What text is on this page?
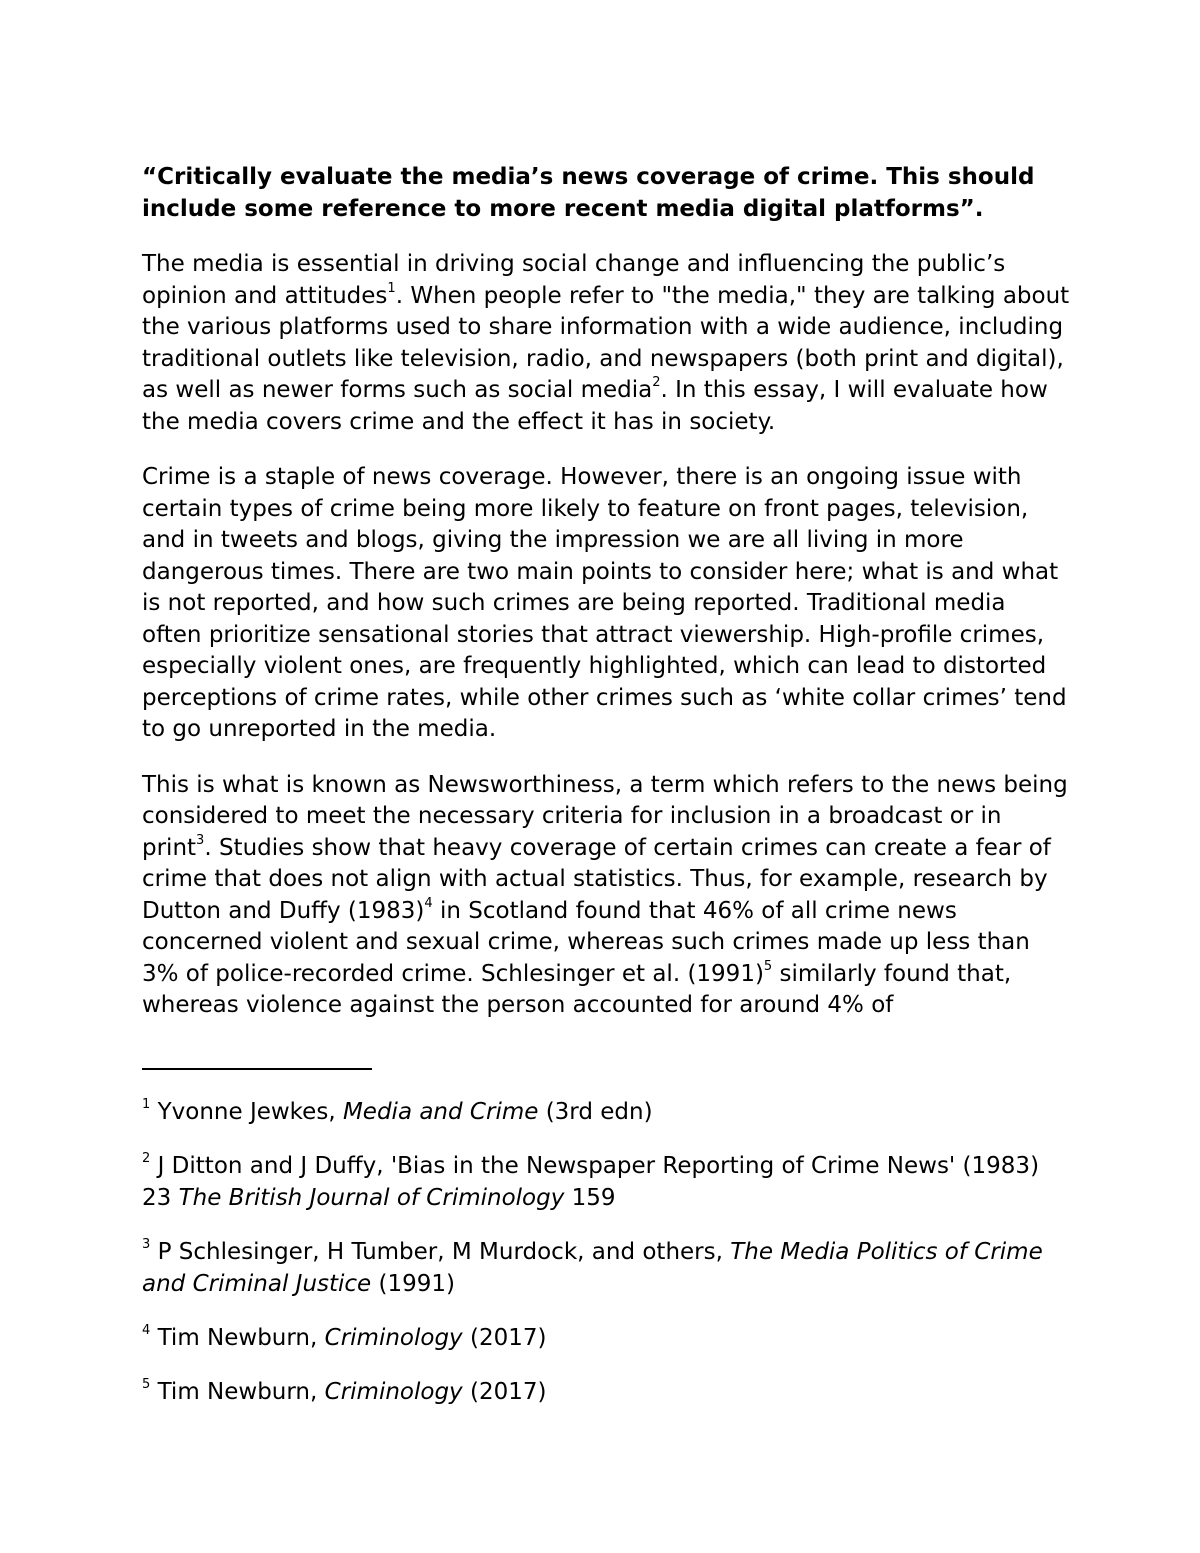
“Critically evaluate the media’s news coverage of crime. This should include some reference to more recent media digital platforms”.

The media is essential in driving social change and influencing the public’s opinion and attitudes$^1$. When people refer to "the media," they are talking about the various platforms used to share information with a wide audience, including traditional outlets like television, radio, and newspapers (both print and digital), as well as newer forms such as social media$^2$. In this essay, I will evaluate how the media covers crime and the effect it has in society.

Crime is a staple of news coverage. However, there is an ongoing issue with certain types of crime being more likely to feature on front pages, television, and in tweets and blogs, giving the impression we are all living in more dangerous times. There are two main points to consider here; what is and what is not reported, and how such crimes are being reported. Traditional media often prioritize sensational stories that attract viewership. High-profile crimes, especially violent ones, are frequently highlighted, which can lead to distorted perceptions of crime rates, while other crimes such as ‘white collar crimes’ tend to go unreported in the media.

This is what is known as Newsworthiness, a term which refers to the news being considered to meet the necessary criteria for inclusion in a broadcast or in print$^3$. Studies show that heavy coverage of certain crimes can create a fear of crime that does not align with actual statistics. Thus, for example, research by Dutton and Duffy $(1983)^4$ in Scotland found that 46% of all crime news concerned violent and sexual crime, whereas such crimes made up less than 3% of police-recorded crime. Schlesinger et al. $(1991)^5$ similarly found that, whereas violence against the person accounted for around 4% of

$^1$ Yvonne Jewkes, Media and Crime (3rd edn)

$^2$ J Ditton and J Duffy, 'Bias in the Newspaper Reporting of Crime News' (1983) 23 The British Journal of Criminology 159

$^3$ P Schlesinger, H Tumber, M Murdock, and others, The Media Politics of Crime and Criminal Justice (1991)

$^4$ Tim Newburn, Criminology (2017)

$^5$ Tim Newburn, Criminology (2017)
